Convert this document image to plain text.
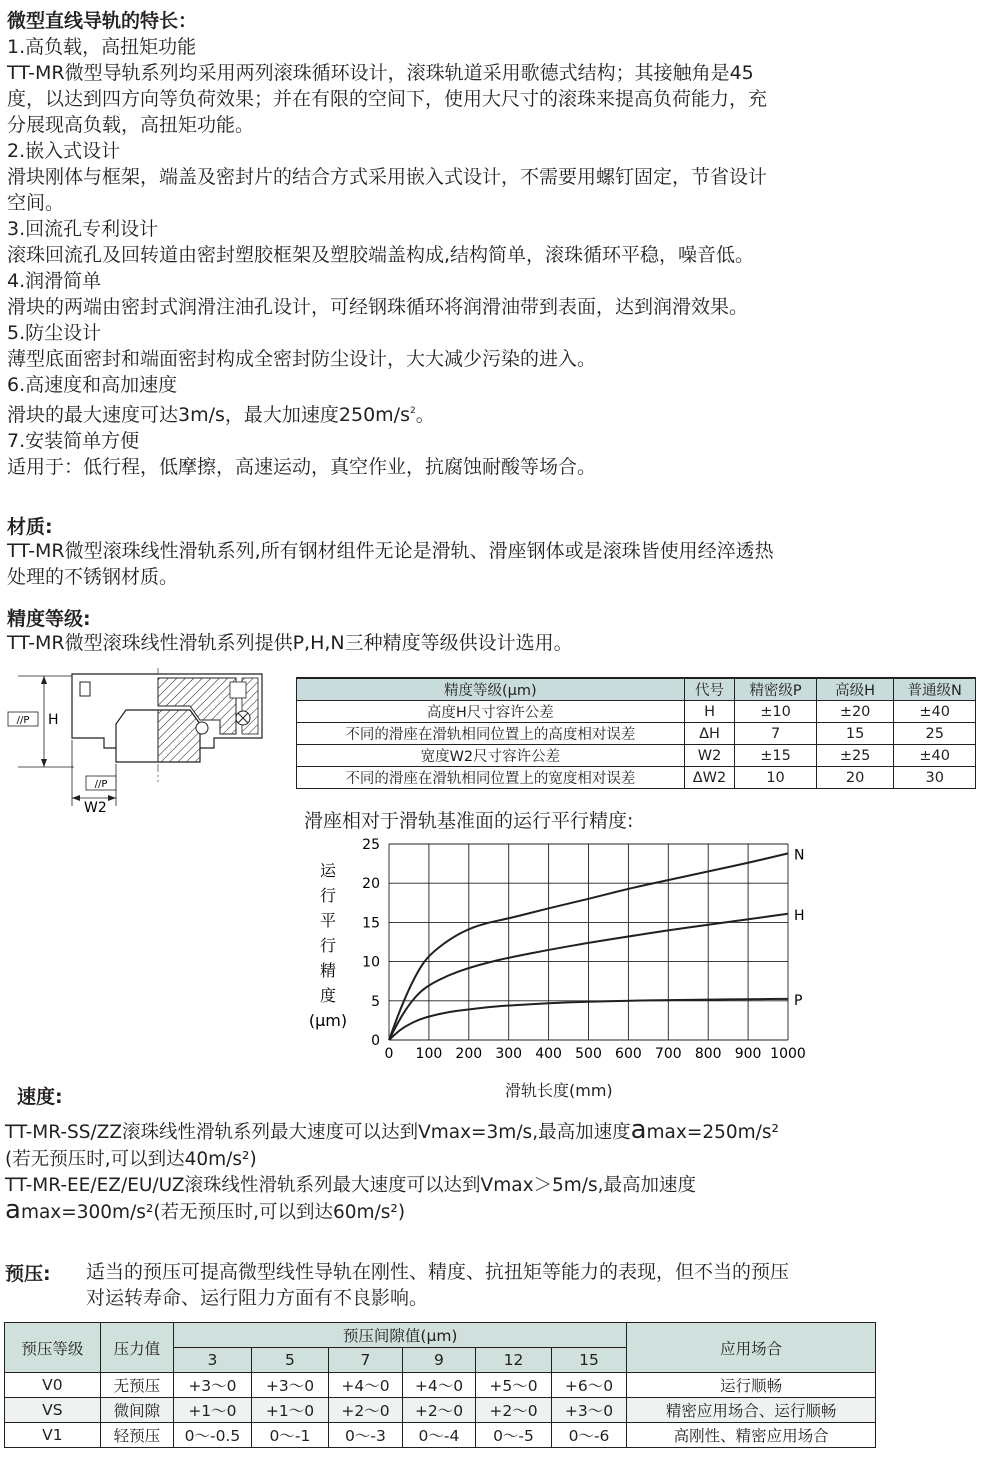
微型直线导轨的特长：
1.高负载，高扭矩功能
TT-MR微型导轨系列均采用两列滚珠循环设计，滚珠轨道采用歌德式结构；其接触角是45
度，以达到四方向等负荷效果；并在有限的空间下，使用大尺寸的滚珠来提高负荷能力，充
分展现高负载，高扭矩功能。
2.嵌入式设计
滑块刚体与框架，端盖及密封片的结合方式采用嵌入式设计，不需要用螺钉固定，节省设计
空间。
3.回流孔专利设计
滚珠回流孔及回转道由密封塑胶框架及塑胶端盖构成,结构简单，滚珠循环平稳，噪音低。
4.润滑简单
滑块的两端由密封式润滑注油孔设计，可经钢珠循环将润滑油带到表面，达到润滑效果。
5.防尘设计
薄型底面密封和端面密封构成全密封防尘设计，大大减少污染的进入。
6.高速度和高加速度
滑块的最大速度可达3m/s，最大加速度$250m/s^2$。
7.安装简单方便
适用于：低行程，低摩擦，高速运动，真空作业，抗腐蚀耐酸等场合。
材质:
TT-MR微型滚珠线性滑轨系列,所有钢材组件无论是滑轨、滑座钢体或是滚珠皆使用经淬透热
处理的不锈钢材质。
精度等级:
TT-MR微型滚珠线性滑轨系列提供P,H,N三种精度等级供设计选用。
//P H
//P
W2
精度等级(μm)	代号	精密级P	高级H	普通级N
高度H尺寸容许公差	H	±10	±20	±40
不同的滑座在滑轨相同位置上的高度相对误差	ΔH	7	15	25
宽度W2尺寸容许公差	W2	±15	±25	±40
不同的滑座在滑轨相同位置上的宽度相对误差	ΔW2	10	20	30
滑座相对于滑轨基准面的运行平行精度:
0 100 200 300 400 500 600 700 800 900 1000
0
5
10
15
20
25
运
行
平
行
精
度
(μm)
N
H
P
滑轨长度(mm)
速度:
TT-MR-SS/ZZ滚珠线性滑轨系列最大速度可以达到Vmax=3m/s,最高加速度amax=250m/s²
(若无预压时,可以到达40m/s²)
TT-MR-EE/EZ/EU/UZ滚珠线性滑轨系列最大速度可以达到Vmax＞5m/s,最高加速度
amax=300m/s²(若无预压时,可以到达60m/s²)
预压: 适当的预压可提高微型线性导轨在刚性、精度、抗扭矩等能力的表现，但不当的预压
对运转寿命、运行阻力方面有不良影响。
预压等级	压力值	预压间隙值(μm)						应用场合
		3	5	7	9	12	15	
V0	无预压	+3～0	+3～0	+4～0	+4～0	+5～0	+6～0	运行顺畅
VS	微间隙	+1～0	+1～0	+2～0	+2～0	+2～0	+3～0	精密应用场合、运行顺畅
V1	轻预压	0～-0.5	0～-1	0～-3	0～-4	0～-5	0～-6	高刚性、精密应用场合
